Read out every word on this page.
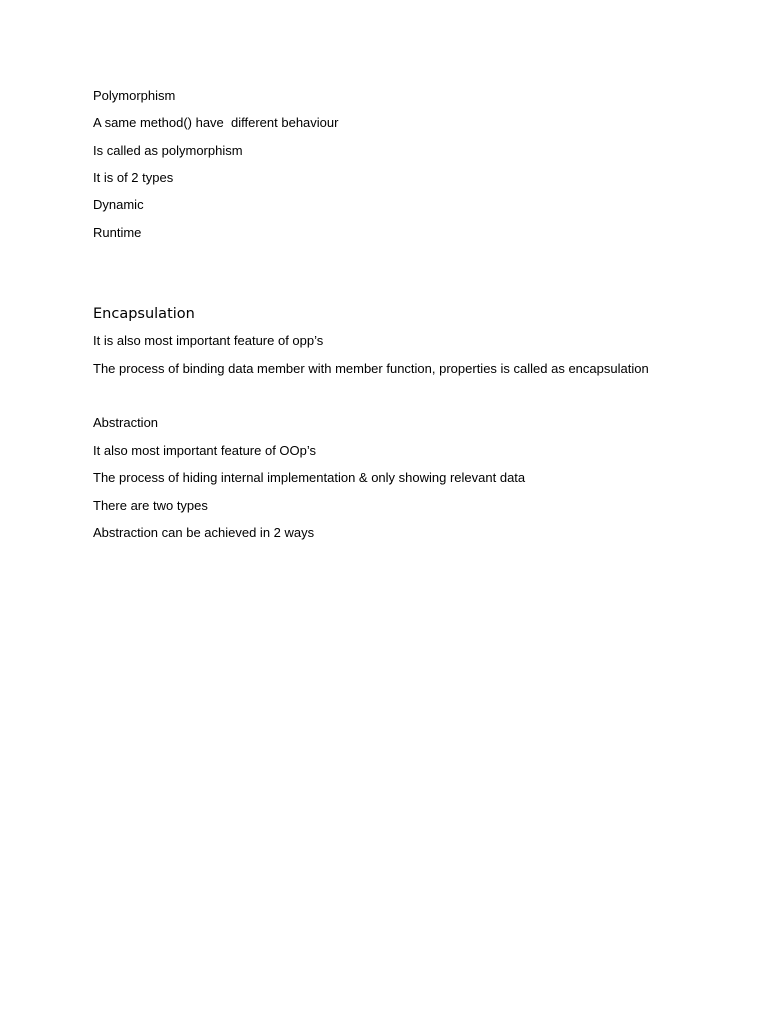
Polymorphism

A same method() have  different behaviour

Is called as polymorphism

It is of 2 types

Dynamic

Runtime

Encapsulation

It is also most important feature of opp’s

The process of binding data member with member function, properties is called as encapsulation

Abstraction

It also most important feature of OOp’s

The process of hiding internal implementation & only showing relevant data

There are two types

Abstraction can be achieved in 2 ways
